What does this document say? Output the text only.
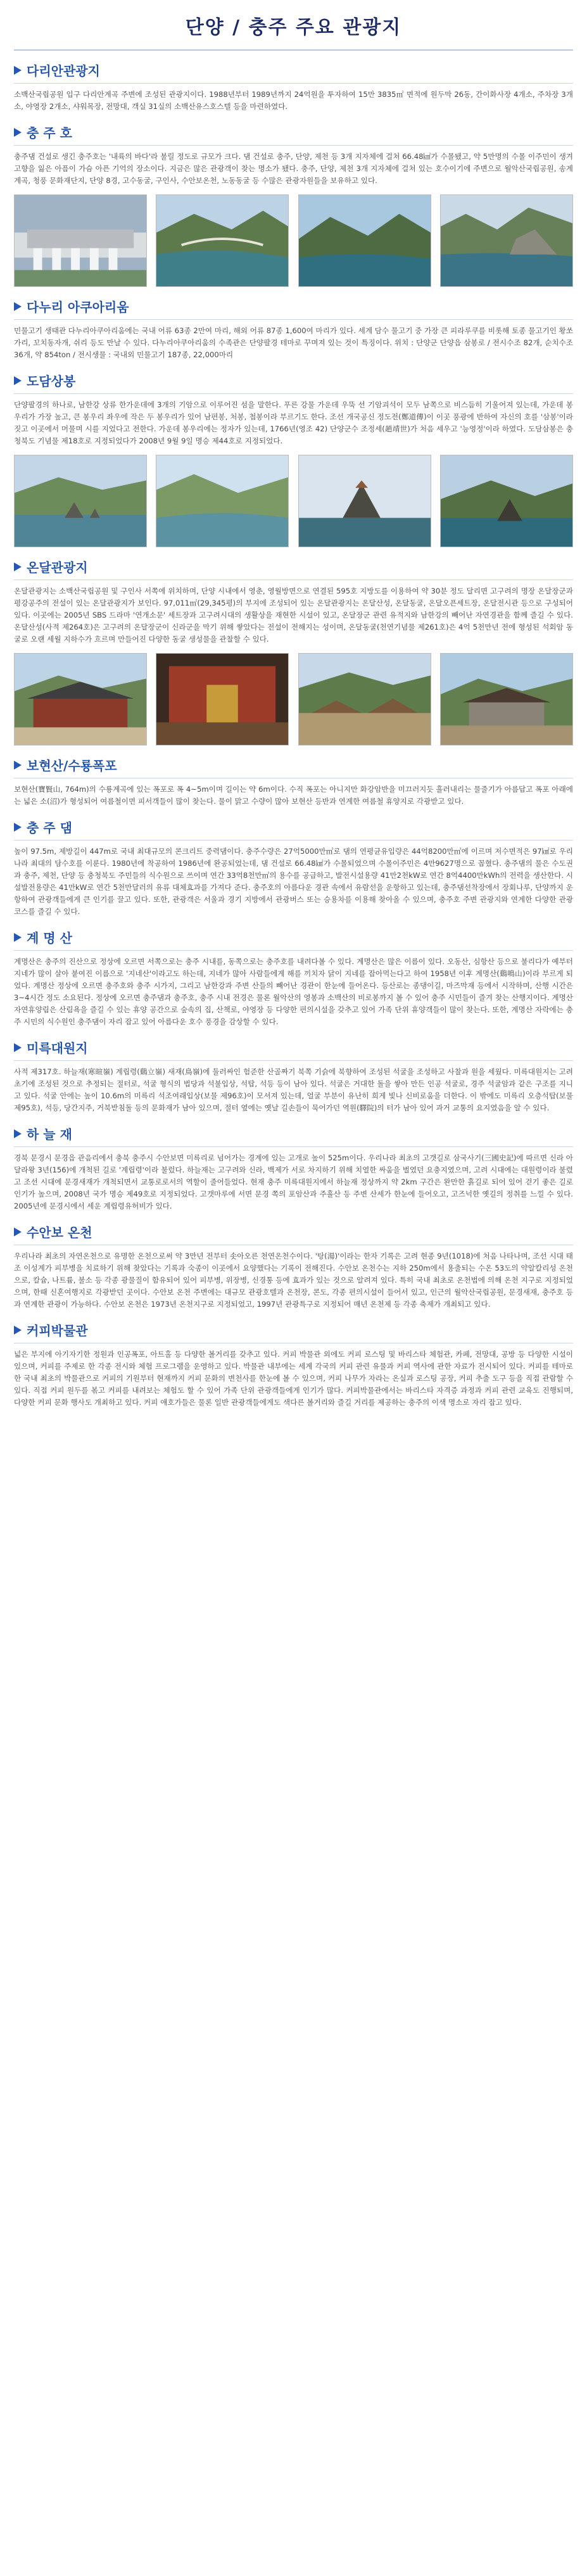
단양 / 충주 주요 관광지
다리안관광지

소백산국립공원 입구 다리안계곡 주변에 조성된 관광지이다. 1988년부터 1989년까지 24억원을 투자하여 15만 3835㎡ 면적에 원두막 26동, 간이화사장 4개소, 주차장 3개소, 야영장 2개소, 샤워목장, 전망대, 객실 31실의 소백산유스호스텔 등을 마련하였다.

충 주 호

충주댐 건설로 생긴 충주호는 '내륙의 바다'라 불릴 정도로 규모가 크다. 댐 건설로 충주, 단양, 제천 등 3개 지자체에 걸쳐 66.48㎢가 수몰됐고, 약 5만명의 수몰 이주민이 생겨 고향을 잃은 아픔이 가슴 아픈 기억의 장소이다. 지금은 많은 관광객이 찾는 명소가 됐다. 충주, 단양, 제천 3개 지자체에 걸쳐 있는 호수이기에 주변으로 월악산국립공원, 송계계곡, 청풍 문화재단지, 단양 8경, 고수동굴, 구인사, 수안보온천, 노동동굴 등 수많은 관광자원들을 보유하고 있다.

다누리 아쿠아리움

민물고기 생태관 다누리아쿠아리움에는 국내 어류 63종 2만여 마리, 해외 어류 87종 1,600여 마리가 있다. 세계 담수 물고기 중 가장 큰 피라루쿠를 비롯해 토종 물고기인 황쏘가리, 꼬치동자개, 쉬리 등도 만날 수 있다. 다누리아쿠아리움의 수족관은 단양팔경 테마로 꾸며져 있는 것이 특징이다. 위치 : 단양군 단양읍 삼봉로 / 전시수조 82개, 순치수조 36개, 약 854ton / 전시생물 : 국내외 민물고기 187종, 22,000마리

도담상봉

단양팔경의 하나로, 남한강 상류 한가운데에 3개의 기암으로 이루어진 섬을 말한다. 푸른 강물 가운데 우뚝 선 기암괴석이 모두 남쪽으로 비스듬히 기울어져 있는데, 가운데 봉우리가 가장 높고, 큰 봉우리 좌우에 작은 두 봉우리가 있어 남편봉, 처봉, 첩봉이라 부르기도 한다. 조선 개국공신 정도전(鄭道傳)이 이곳 풍광에 반하여 자신의 호를 '삼봉'이라 짓고 이곳에서 머물며 시를 지었다고 전한다. 가운데 봉우리에는 정자가 있는데, 1766년(영조 42) 단양군수 조정세(趙靖世)가 처음 세우고 '능영정'이라 하였다. 도담삼봉은 충청북도 기념물 제18호로 지정되었다가 2008년 9월 9일 명승 제44호로 지정되었다.

온달관광지

온달관광지는 소백산국립공원 및 구인사 서쪽에 위치하며, 단양 시내에서 영춘, 영월방면으로 연결된 595호 지방도를 이용하여 약 30분 정도 달리면 고구려의 명장 온달장군과 평강공주의 전설이 있는 온달관광지가 보인다. 97,011㎡(29,345평)의 부지에 조성되어 있는 온달관광지는 온달산성, 온달동굴, 온달오픈세트장, 온달전시관 등으로 구성되어 있다. 이곳에는 2005년 SBS 드라마 '연개소문' 세트장과 고구려시대의 생활상을 재현한 시설이 있고, 온달장군 관련 유적지와 남한강의 빼어난 자연경관을 함께 즐길 수 있다. 온달산성(사적 제264호)은 고구려의 온달장군이 신라군을 막기 위해 쌓았다는 전설이 전해지는 성이며, 온달동굴(천연기념물 제261호)은 4억 5천만년 전에 형성된 석회암 동굴로 오랜 세월 지하수가 흐르며 만들어진 다양한 동굴 생성물을 관찰할 수 있다.

보현산/수룡폭포

보현산(寶賢山, 764m)의 수룡계곡에 있는 폭포로 폭 4~5m이며 길이는 약 6m이다. 수직 폭포는 아니지만 화강암반을 미끄러지듯 흘러내리는 물줄기가 아름답고 폭포 아래에는 넓은 소(沼)가 형성되어 여름철이면 피서객들이 많이 찾는다. 물이 맑고 수량이 많아 보현산 등반과 연계한 여름철 휴양지로 각광받고 있다.

충 주 댐

높이 97.5m, 제방길이 447m로 국내 최대규모의 콘크리트 중력댐이다. 충주수량은 27억5000만㎥로 댐의 연평균유입량은 44억8200만㎥에 이르며 저수면적은 97㎢로 우리 나라 최대의 담수호를 이룬다. 1980년에 착공하여 1986년에 완공되었는데, 댐 건설로 66.48㎢가 수몰되었으며 수몰이주민은 4만9627명으로 꼽혔다. 충주댐의 물은 수도권과 충주, 제천, 단양 등 충청북도 주민들의 식수원으로 쓰이며 연간 33억8천만㎥의 용수를 공급하고, 발전시설용량 41만2천kW로 연간 8억4400만kWh의 전력을 생산한다. 시설발전용량은 41만kW로 연간 5천만달러의 유류 대체효과를 가져다 준다. 충주호의 아름다운 경관 속에서 유람선을 운항하고 있는데, 충주댐선착장에서 장회나루, 단양까지 운항하여 관광객들에게 큰 인기를 끌고 있다. 또한, 관광객은 서울과 경기 지방에서 관광버스 또는 승용차를 이용해 찾아올 수 있으며, 충주호 주변 관광지와 연계한 다양한 관광 코스를 즐길 수 있다.

계 명 산

계명산은 충주의 진산으로 정상에 오르면 서쪽으로는 충주 시내를, 동쪽으로는 충주호를 내려다볼 수 있다. 계명산은 많은 이름이 있다. 오동산, 심항산 등으로 불리다가 예부터 지네가 많이 살아 붙여진 이름으로 '지네산'이라고도 하는데, 지네가 많아 사람들에게 해를 끼치자 닭이 지네를 잡아먹는다고 하여 1958년 이후 계명산(鷄鳴山)이라 부르게 되었다. 계명산 정상에 오르면 충주호와 충주 시가지, 그리고 남한강과 주변 산들의 빼어난 경관이 한눈에 들어온다. 등산로는 종댕이길, 마즈막재 등에서 시작하며, 산행 시간은 3~4시간 정도 소요된다. 정상에 오르면 충주댐과 충주호, 충주 시내 전경은 물론 월악산의 영봉과 소백산의 비로봉까지 볼 수 있어 충주 시민들이 즐겨 찾는 산행지이다. 계명산 자연휴양림은 산림욕을 즐길 수 있는 휴양 공간으로 숲속의 집, 산책로, 야영장 등 다양한 편의시설을 갖추고 있어 가족 단위 휴양객들이 많이 찾는다. 또한, 계명산 자락에는 충주 시민의 식수원인 충주댐이 자리 잡고 있어 아름다운 호수 풍경을 감상할 수 있다.

미륵대원지

사적 제317호. 하늘재(寒暄嶺) 계립령(鷄立嶺) 새재(鳥嶺)에 둘러싸인 험준한 산골짜기 북쪽 기슭에 북향하여 조성된 석굴을 조성하고 사찰과 원을 세웠다. 미륵대원지는 고려 초기에 조성된 것으로 추정되는 절터로, 석굴 형식의 법당과 석불입상, 석탑, 석등 등이 남아 있다. 석굴은 거대한 돌을 쌓아 만든 인공 석굴로, 경주 석굴암과 같은 구조를 지니고 있다. 석굴 안에는 높이 10.6m의 미륵리 석조여래입상(보물 제96호)이 모셔져 있는데, 얼굴 부분이 유난히 희게 빛나 신비로움을 더한다. 이 밖에도 미륵리 오층석탑(보물 제95호), 석등, 당간지주, 거북받침돌 등의 문화재가 남아 있으며, 절터 옆에는 옛날 길손들이 묵어가던 역원(驛院)의 터가 남아 있어 과거 교통의 요지였음을 알 수 있다.

하 늘 재

경북 문경시 문경읍 관음리에서 충북 충주시 수안보면 미륵리로 넘어가는 경계에 있는 고개로 높이 525m이다. 우리나라 최초의 고갯길로 삼국사기(三國史記)에 따르면 신라 아달라왕 3년(156)에 개척된 길로 '계립령'이라 불렀다. 하늘재는 고구려와 신라, 백제가 서로 차지하기 위해 치열한 싸움을 벌였던 요충지였으며, 고려 시대에는 대원령이라 불렸고 조선 시대에 문경새재가 개척되면서 교통로로서의 역할이 줄어들었다. 현재 충주 미륵대원지에서 하늘재 정상까지 약 2km 구간은 완만한 흙길로 되어 있어 걷기 좋은 길로 인기가 높으며, 2008년 국가 명승 제49호로 지정되었다. 고갯마루에 서면 문경 쪽의 포암산과 주흘산 등 주변 산세가 한눈에 들어오고, 고즈넉한 옛길의 정취를 느낄 수 있다. 2005년에 문경시에서 세운 계립령유허비가 있다.

수안보 온천

우리나라 최초의 자연온천으로 유명한 온천으로써 약 3만년 전부터 솟아오른 천연온천수이다. '탕(湯)'이라는 한자 기록은 고려 현종 9년(1018)에 처음 나타나며, 조선 시대 태조 이성계가 피부병을 치료하기 위해 찾았다는 기록과 숙종이 이곳에서 요양했다는 기록이 전해진다. 수안보 온천수는 지하 250m에서 용출되는 수온 53도의 약알칼리성 온천으로, 칼슘, 나트륨, 불소 등 각종 광물질이 함유되어 있어 피부병, 위장병, 신경통 등에 효과가 있는 것으로 알려져 있다. 특히 국내 최초로 온천법에 의해 온천 지구로 지정되었으며, 한때 신혼여행지로 각광받던 곳이다. 수안보 온천 주변에는 대규모 관광호텔과 온천장, 콘도, 각종 편의시설이 들어서 있고, 인근의 월악산국립공원, 문경새재, 충주호 등과 연계한 관광이 가능하다. 수안보 온천은 1973년 온천지구로 지정되었고, 1997년 관광특구로 지정되어 매년 온천제 등 각종 축제가 개최되고 있다.

커피박물관

넓은 부지에 아기자기한 정원과 인공폭포, 아트홀 등 다양한 볼거리를 갖추고 있다. 커피 박물관 외에도 커피 로스팅 및 바리스타 체험관, 카페, 전망대, 공방 등 다양한 시설이 있으며, 커피를 주제로 한 각종 전시와 체험 프로그램을 운영하고 있다. 박물관 내부에는 세계 각국의 커피 관련 유물과 커피 역사에 관한 자료가 전시되어 있다. 커피를 테마로 한 국내 최초의 박물관으로 커피의 기원부터 현재까지 커피 문화의 변천사를 한눈에 볼 수 있으며, 커피 나무가 자라는 온실과 로스팅 공장, 커피 추출 도구 등을 직접 관람할 수 있다. 직접 커피 원두를 볶고 커피를 내려보는 체험도 할 수 있어 가족 단위 관광객들에게 인기가 많다. 커피박물관에서는 바리스타 자격증 과정과 커피 관련 교육도 진행되며, 다양한 커피 문화 행사도 개최하고 있다. 커피 애호가들은 물론 일반 관광객들에게도 색다른 볼거리와 즐길 거리를 제공하는 충주의 이색 명소로 자리 잡고 있다.
